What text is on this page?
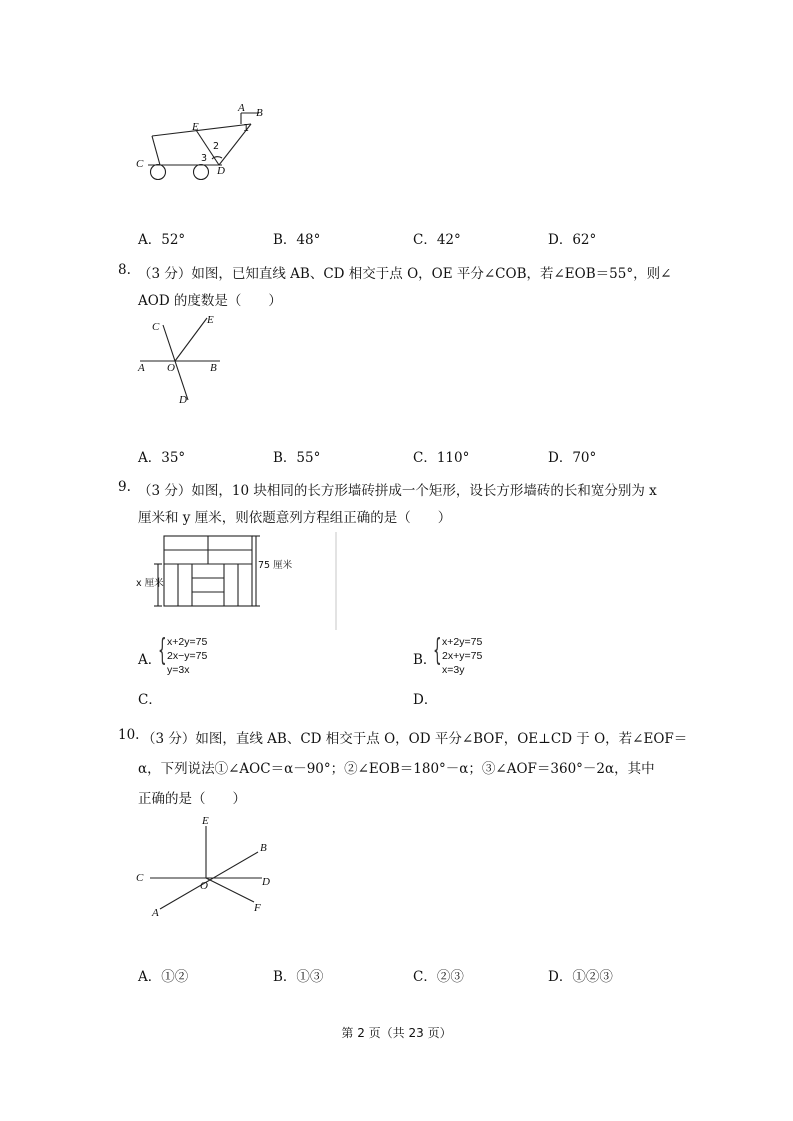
A B
1
E
2
3
C
D
A．52°	B．48°	C．42°	D．62°
8. （3 分）如图，已知直线 AB、CD 相交于点 O，OE 平分∠COB，若∠EOB＝55°，则∠
AOD 的度数是（　　）
C
E
A O	B
D
A．35°	B．55°	C．110°	D．70°
9. （3 分）如图，10 块相同的长方形墙砖拼成一个矩形，设长方形墙砖的长和宽分别为 x
厘米和 y 厘米，则依题意列方程组正确的是（　　）
75 厘米
x 厘米
A．
{ x+2y=75
2x−y=75
y=3x
B．
{ x+2y=75
2x+y=75
x=3y
C．	D．
10. （3 分）如图，直线 AB、CD 相交于点 O，OD 平分∠BOF，OE⊥CD 于 O，若∠EOF＝
α，下列说法①∠AOC＝α－90°；②∠EOB＝180°－α；③∠AOF＝360°－2α，其中
正确的是（　　）
E
B
C
O	D
A	F
A．①②	B．①③	C．②③	D．①②③
第 2 页（共 23 页）
